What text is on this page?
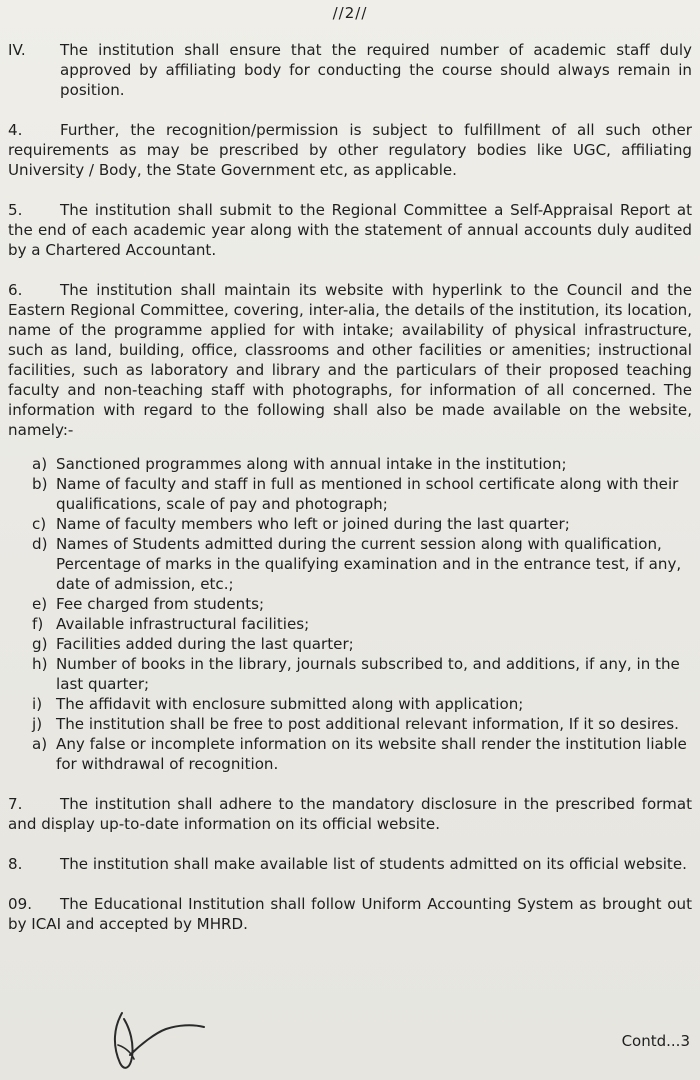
//2//
IV.	The institution shall ensure that the required number of academic staff duly approved by affiliating body for conducting the course should always remain in position.

4. Further, the recognition/permission is subject to fulfillment of all such other requirements as may be prescribed by other regulatory bodies like UGC, affiliating University / Body, the State Government etc, as applicable.

5. The institution shall submit to the Regional Committee a Self-Appraisal Report at the end of each academic year along with the statement of annual accounts duly audited by a Chartered Accountant.

6. The institution shall maintain its website with hyperlink to the Council and the Eastern Regional Committee, covering, inter-alia, the details of the institution, its location, name of the programme applied for with intake; availability of physical infrastructure, such as land, building, office, classrooms and other facilities or amenities; instructional facilities, such as laboratory and library and the particulars of their proposed teaching faculty and non-teaching staff with photographs, for information of all concerned. The information with regard to the following shall also be made available on the website, namely:-

a) Sanctioned programmes along with annual intake in the institution;
b) Name of faculty and staff in full as mentioned in school certificate along with their qualifications, scale of pay and photograph;
c) Name of faculty members who left or joined during the last quarter;
d) Names of Students admitted during the current session along with qualification, Percentage of marks in the qualifying examination and in the entrance test, if any, date of admission, etc.;
e) Fee charged from students;
f) Available infrastructural facilities;
g) Facilities added during the last quarter;
h) Number of books in the library, journals subscribed to, and additions, if any, in the last quarter;
i) The affidavit with enclosure submitted along with application;
j) The institution shall be free to post additional relevant information, If it so desires.
a) Any false or incomplete information on its website shall render the institution liable for withdrawal of recognition.

7. The institution shall adhere to the mandatory disclosure in the prescribed format and display up-to-date information on its official website.

8. The institution shall make available list of students admitted on its official website.

09. The Educational Institution shall follow Uniform Accounting System as brought out by ICAI and accepted by MHRD.

Contd...3
